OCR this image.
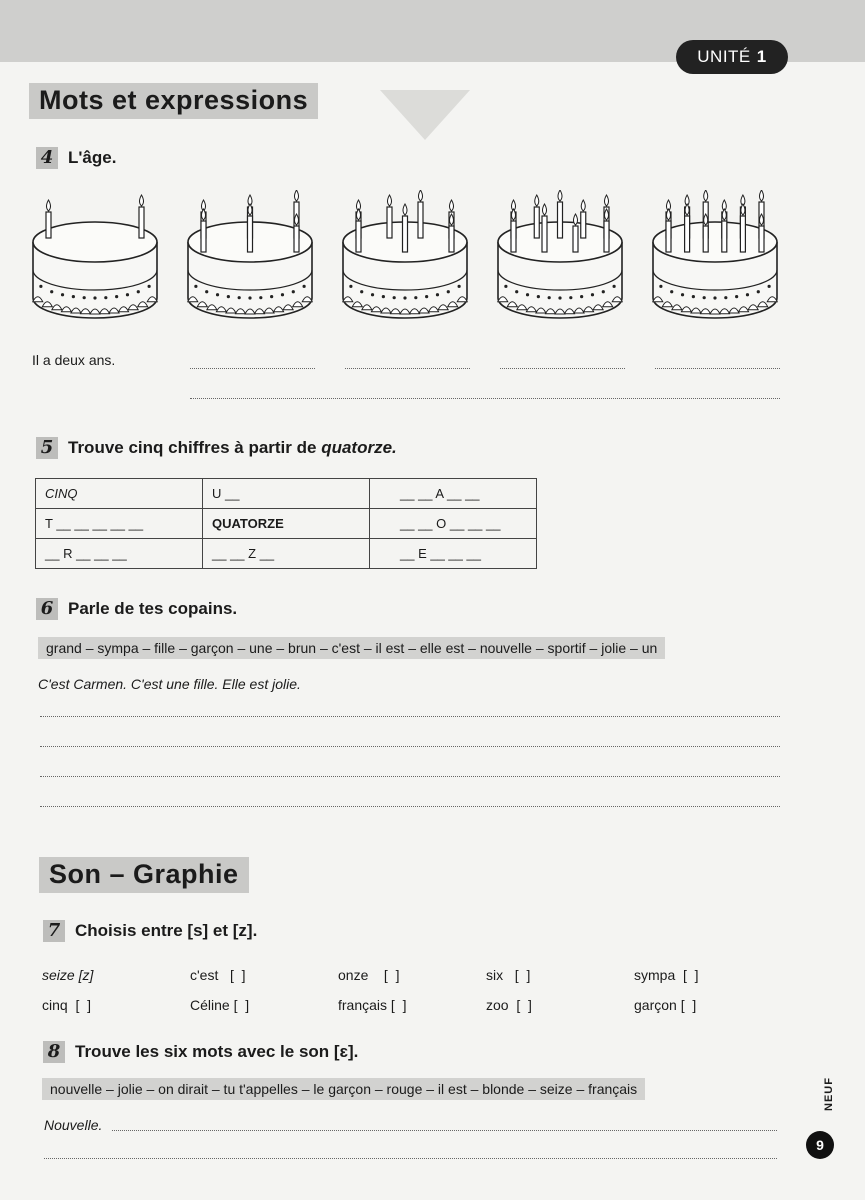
UNITÉ 1
Mots et expressions
4 L'âge.
Il a deux ans.
5 Trouve cinq chiffres à partir de quatorze.
CINQ	U __	__ __ A __ __
T __ __ __ __ __	QUATORZE	__ __ O __ __ __
__ R __ __ __	__ __ Z __	__ E __ __ __
6 Parle de tes copains.
grand – sympa – fille – garçon – une – brun – c'est – il est – elle est – nouvelle – sportif – jolie – un
C'est Carmen. C'est une fille. Elle est jolie.
Son – Graphie
7 Choisis entre [s] et [z].
seize [z]	c'est   [  ]	onze    [  ]	six   [  ]	sympa  [  ]
cinq  [  ]	Céline [  ]	français [  ]	zoo  [  ]	garçon [  ]
8 Trouve les six mots avec le son [ɛ].
nouvelle – jolie – on dirait – tu t'appelles – le garçon – rouge – il est – blonde – seize – français
Nouvelle.
NEUF
9
